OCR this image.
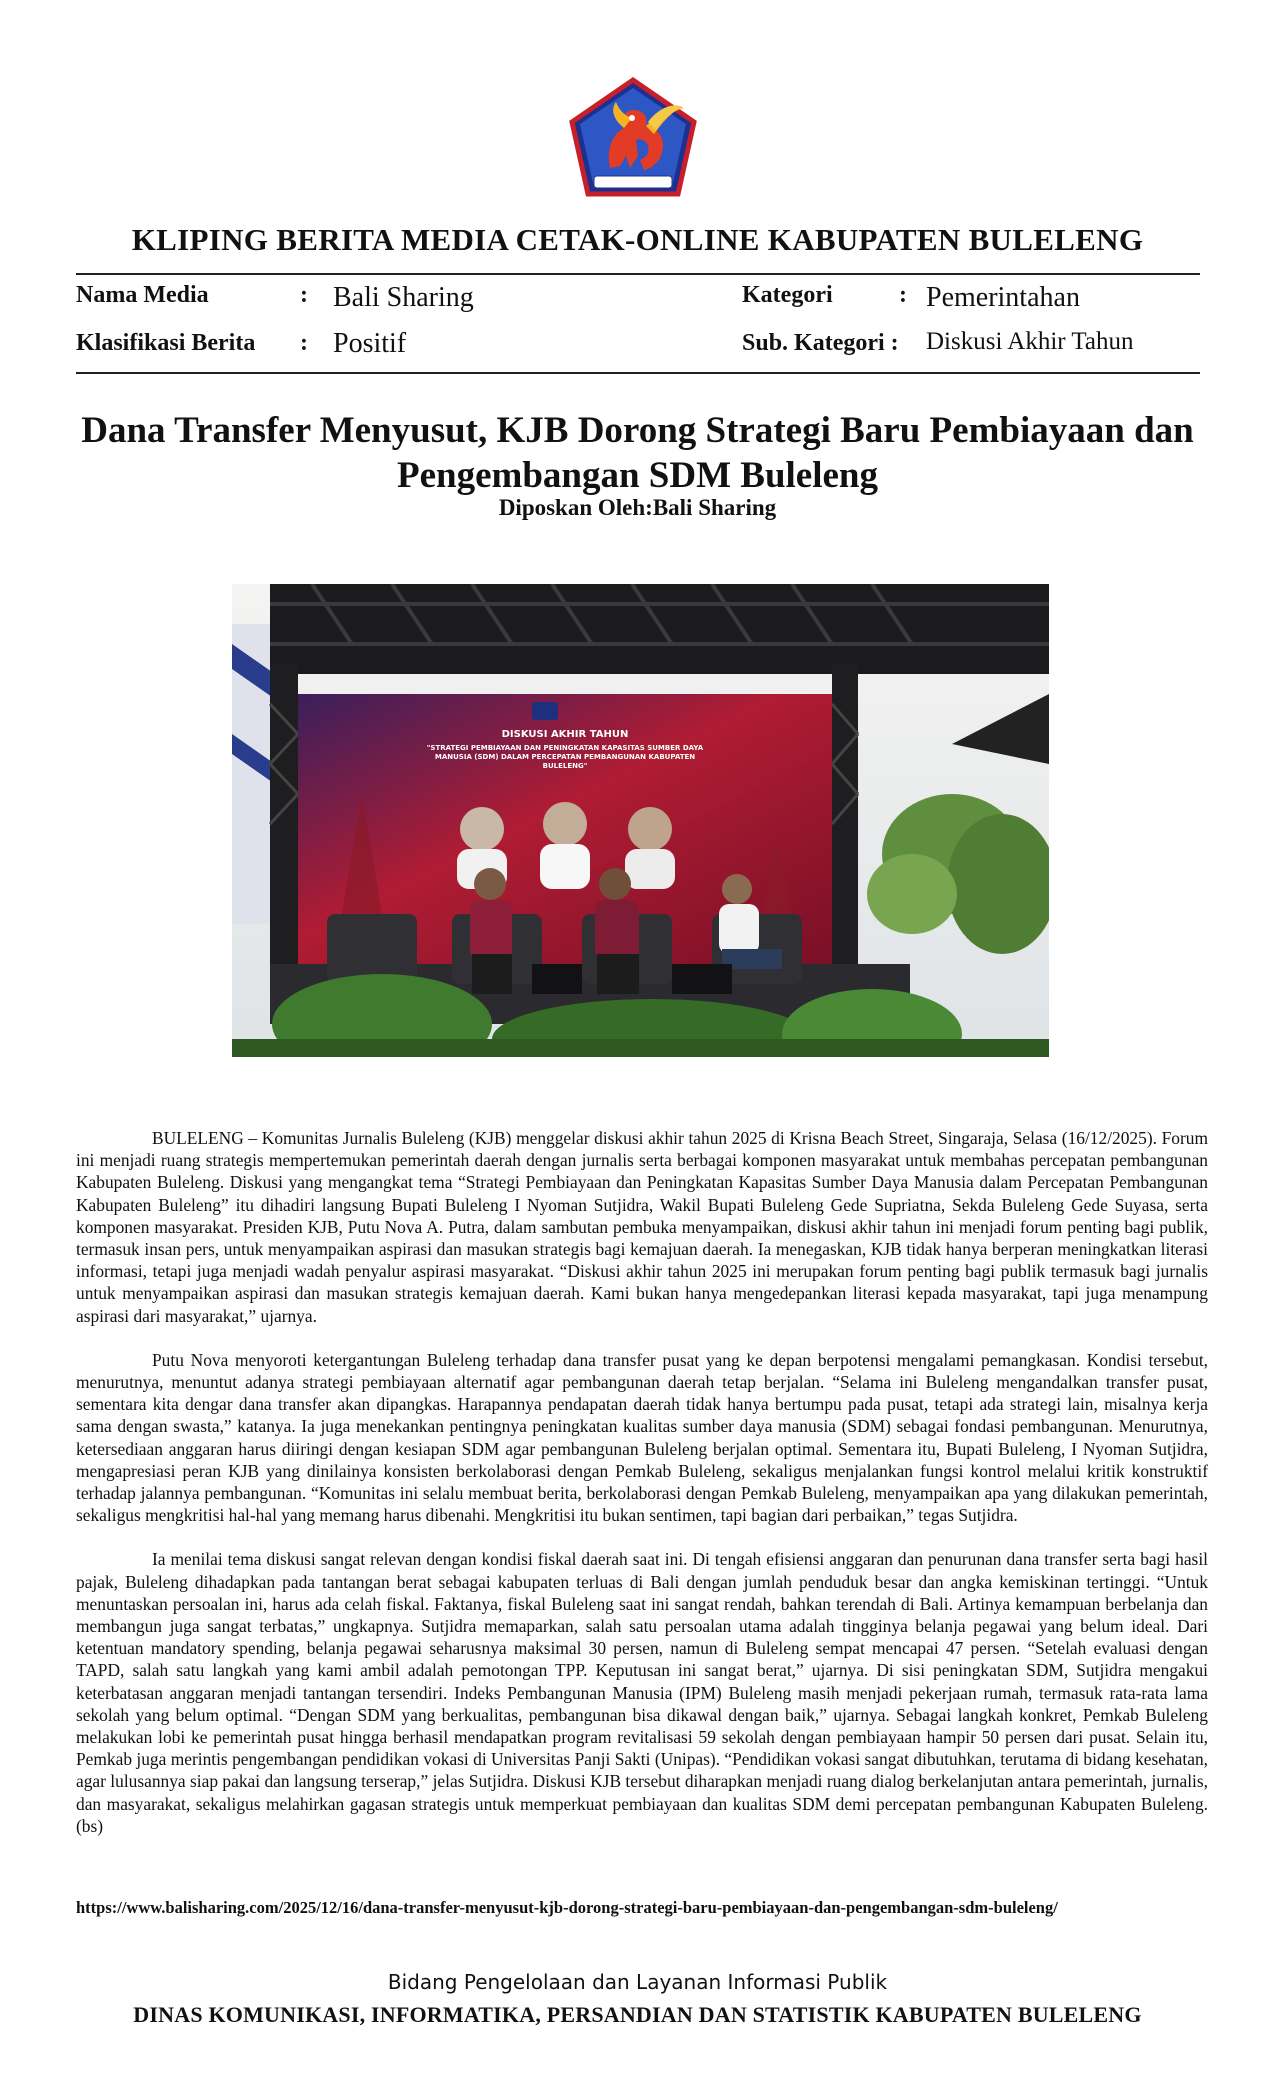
KLIPING BERITA MEDIA CETAK-ONLINE KABUPATEN BULELENG
Nama Media	: Bali Sharing	Kategori	: Pemerintahan
Klasifikasi Berita : Positif	Sub. Kategori : Diskusi Akhir Tahun
Dana Transfer Menyusut, KJB Dorong Strategi Baru Pembiayaan dan Pengembangan SDM Buleleng
Diposkan Oleh:Bali Sharing
DISKUSI AKHIR TAHUN
"STRATEGI PEMBIAYAAN DAN PENINGKATAN KAPASITAS SUMBER DAYA MANUSIA (SDM) DALAM PERCEPATAN PEMBANGUNAN KABUPATEN BULELENG"

BULELENG – Komunitas Jurnalis Buleleng (KJB) menggelar diskusi akhir tahun 2025 di Krisna Beach Street, Singaraja, Selasa (16/12/2025). Forum ini menjadi ruang strategis mempertemukan pemerintah daerah dengan jurnalis serta berbagai komponen masyarakat untuk membahas percepatan pembangunan Kabupaten Buleleng. Diskusi yang mengangkat tema “Strategi Pembiayaan dan Peningkatan Kapasitas Sumber Daya Manusia dalam Percepatan Pembangunan Kabupaten Buleleng” itu dihadiri langsung Bupati Buleleng I Nyoman Sutjidra, Wakil Bupati Buleleng Gede Supriatna, Sekda Buleleng Gede Suyasa, serta komponen masyarakat. Presiden KJB, Putu Nova A. Putra, dalam sambutan pembuka menyampaikan, diskusi akhir tahun ini menjadi forum penting bagi publik, termasuk insan pers, untuk menyampaikan aspirasi dan masukan strategis bagi kemajuan daerah. Ia menegaskan, KJB tidak hanya berperan meningkatkan literasi informasi, tetapi juga menjadi wadah penyalur aspirasi masyarakat. “Diskusi akhir tahun 2025 ini merupakan forum penting bagi publik termasuk bagi jurnalis untuk menyampaikan aspirasi dan masukan strategis kemajuan daerah. Kami bukan hanya mengedepankan literasi kepada masyarakat, tapi juga menampung aspirasi dari masyarakat,” ujarnya.

Putu Nova menyoroti ketergantungan Buleleng terhadap dana transfer pusat yang ke depan berpotensi mengalami pemangkasan. Kondisi tersebut, menurutnya, menuntut adanya strategi pembiayaan alternatif agar pembangunan daerah tetap berjalan. “Selama ini Buleleng mengandalkan transfer pusat, sementara kita dengar dana transfer akan dipangkas. Harapannya pendapatan daerah tidak hanya bertumpu pada pusat, tetapi ada strategi lain, misalnya kerja sama dengan swasta,” katanya. Ia juga menekankan pentingnya peningkatan kualitas sumber daya manusia (SDM) sebagai fondasi pembangunan. Menurutnya, ketersediaan anggaran harus diiringi dengan kesiapan SDM agar pembangunan Buleleng berjalan optimal. Sementara itu, Bupati Buleleng, I Nyoman Sutjidra, mengapresiasi peran KJB yang dinilainya konsisten berkolaborasi dengan Pemkab Buleleng, sekaligus menjalankan fungsi kontrol melalui kritik konstruktif terhadap jalannya pembangunan. “Komunitas ini selalu membuat berita, berkolaborasi dengan Pemkab Buleleng, menyampaikan apa yang dilakukan pemerintah, sekaligus mengkritisi hal-hal yang memang harus dibenahi. Mengkritisi itu bukan sentimen, tapi bagian dari perbaikan,” tegas Sutjidra.

Ia menilai tema diskusi sangat relevan dengan kondisi fiskal daerah saat ini. Di tengah efisiensi anggaran dan penurunan dana transfer serta bagi hasil pajak, Buleleng dihadapkan pada tantangan berat sebagai kabupaten terluas di Bali dengan jumlah penduduk besar dan angka kemiskinan tertinggi. “Untuk menuntaskan persoalan ini, harus ada celah fiskal. Faktanya, fiskal Buleleng saat ini sangat rendah, bahkan terendah di Bali. Artinya kemampuan berbelanja dan membangun juga sangat terbatas,” ungkapnya. Sutjidra memaparkan, salah satu persoalan utama adalah tingginya belanja pegawai yang belum ideal. Dari ketentuan mandatory spending, belanja pegawai seharusnya maksimal 30 persen, namun di Buleleng sempat mencapai 47 persen. “Setelah evaluasi dengan TAPD, salah satu langkah yang kami ambil adalah pemotongan TPP. Keputusan ini sangat berat,” ujarnya. Di sisi peningkatan SDM, Sutjidra mengakui keterbatasan anggaran menjadi tantangan tersendiri. Indeks Pembangunan Manusia (IPM) Buleleng masih menjadi pekerjaan rumah, termasuk rata-rata lama sekolah yang belum optimal. “Dengan SDM yang berkualitas, pembangunan bisa dikawal dengan baik,” ujarnya. Sebagai langkah konkret, Pemkab Buleleng melakukan lobi ke pemerintah pusat hingga berhasil mendapatkan program revitalisasi 59 sekolah dengan pembiayaan hampir 50 persen dari pusat. Selain itu, Pemkab juga merintis pengembangan pendidikan vokasi di Universitas Panji Sakti (Unipas). “Pendidikan vokasi sangat dibutuhkan, terutama di bidang kesehatan, agar lulusannya siap pakai dan langsung terserap,” jelas Sutjidra. Diskusi KJB tersebut diharapkan menjadi ruang dialog berkelanjutan antara pemerintah, jurnalis, dan masyarakat, sekaligus melahirkan gagasan strategis untuk memperkuat pembiayaan dan kualitas SDM demi percepatan pembangunan Kabupaten Buleleng. (bs)

https://www.balisharing.com/2025/12/16/dana-transfer-menyusut-kjb-dorong-strategi-baru-pembiayaan-dan-pengembangan-sdm-buleleng/
Bidang Pengelolaan dan Layanan Informasi Publik
DINAS KOMUNIKASI, INFORMATIKA, PERSANDIAN DAN STATISTIK KABUPATEN BULELENG
